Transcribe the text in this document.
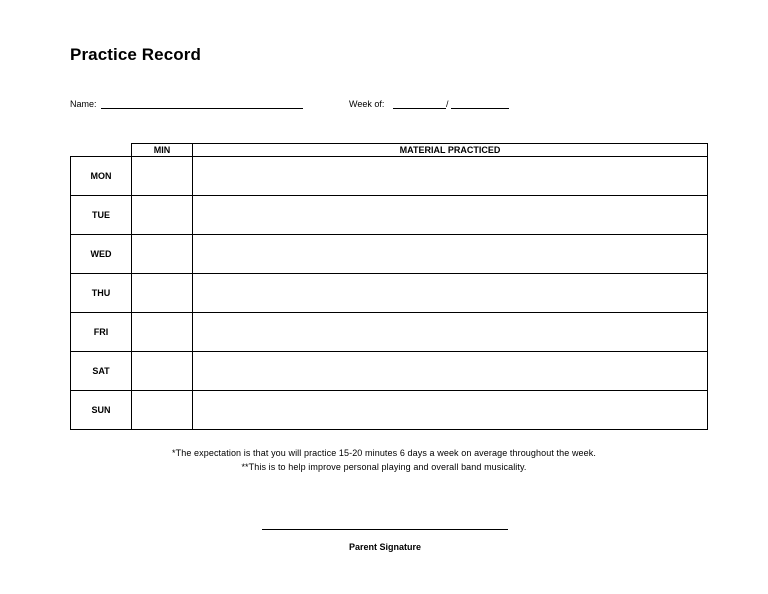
Practice Record
Name:	Week of:	/
	MIN	MATERIAL PRACTICED
MON		
TUE		
WED		
THU		
FRI		
SAT		
SUN		
*The expectation is that you will practice 15-20 minutes 6 days a week on average throughout the week.
**This is to help improve personal playing and overall band musicality.
Parent Signature
